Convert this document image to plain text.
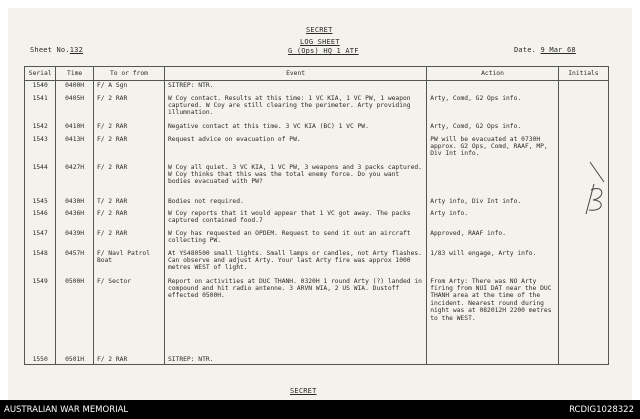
SECRET
LOG SHEET
G (Ops) HQ 1 ATF
Sheet No.132	Date. 9 Mar 68
Serial	Time	To or from	Event	Action	Initials
1540	0400H	F/ A Sgn	SITREP: NTR.		
1541	0405H	F/ 2 RAR	W Coy contact. Results at this time: 1 VC KIA, 1 VC PW, 1 weapon captured. W Coy are still clearing the perimeter. Arty providing illumnation.	Arty, Comd, G2 Ops info.	
1542	0410H	F/ 2 RAR	Negative contact at this time. 3 VC KIA (BC) 1 VC PW.	Arty, Comd, G2 Ops info.	
1543	0413H	F/ 2 RAR	Request advice on evacuation of PW.	PW will be evacuated at 0730H approx. G2 Ops, Comd, RAAF, MP, Div Int info.	
1544	0427H	F/ 2 RAR	W Coy all quiet. 3 VC KIA, 1 VC PW, 3 weapons and 3 packs captured. W Coy thinks that this was the total enemy force. Do you want bodies evacuated with PW?		
1545	0430H	T/ 2 RAR	Bodies not required.	Arty info, Div Int info.	
1546	0436H	F/ 2 RAR	W Coy reports that it would appear that 1 VC got away. The packs captured contained food.7	Arty info.	
1547	0439H	F/ 2 RAR	W Coy has requested an OPDEM. Request to send it out an aircraft collecting PW.	Approved, RAAF info.	
1548	0457H	F/ Navl Patrol Boat	At YS480500 small lights. Small lamps or candles, not Arty flashes. Can observe and adjust Arty. Your last Arty fire was approx 1000 metres WEST of light.	1/83 will engage, Arty info.	
1549	0500H	F/ Sector	Report on activities at DUC THANH. 0320H 1 round Arty (?) landed in compound and hit radio antenne. 3 ARVN WIA, 2 US WIA. Dustoff effected 0500H.	From Arty: There was NO Arty firing from NUI DAT near the DUC THANH area at the time of the incident. Nearest round during night was at 082012H 2200 metres to the WEST.	
1550	0501H	F/ 2 RAR	SITREP: NTR.		
SECRET
AUSTRALIAN WAR MEMORIAL	RCDIG1028322
